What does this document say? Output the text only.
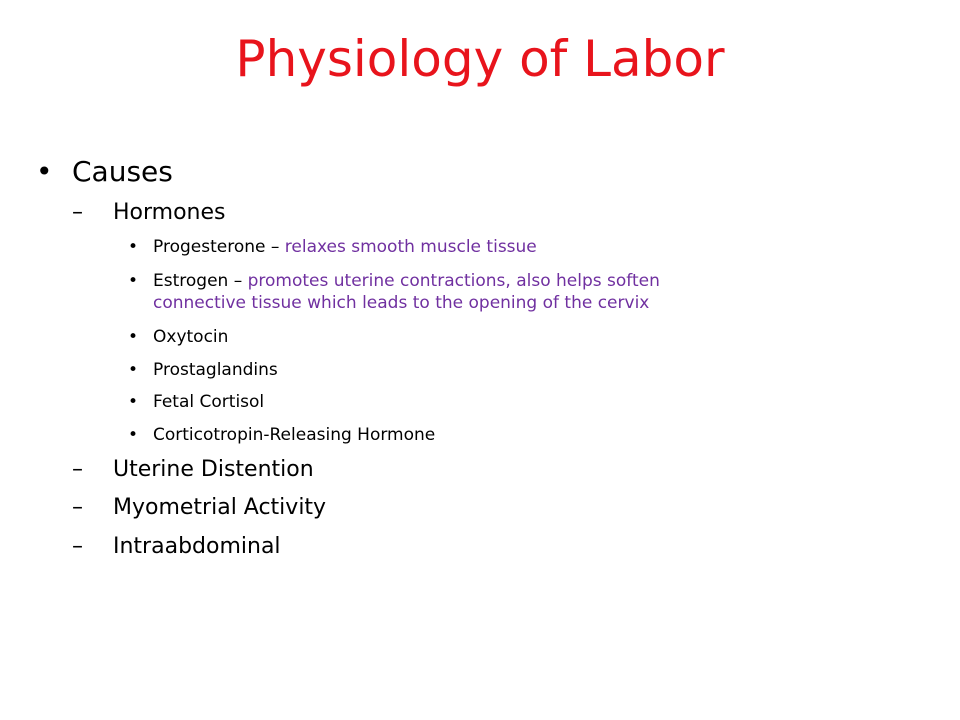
Physiology of Labor
• Causes
– Hormones
• Progesterone – relaxes smooth muscle tissue
• Estrogen – promotes uterine contractions, also helps soften
connective tissue which leads to the opening of the cervix
• Oxytocin
• Prostaglandins
• Fetal Cortisol
• Corticotropin-Releasing Hormone
– Uterine Distention
– Myometrial Activity
– Intraabdominal
